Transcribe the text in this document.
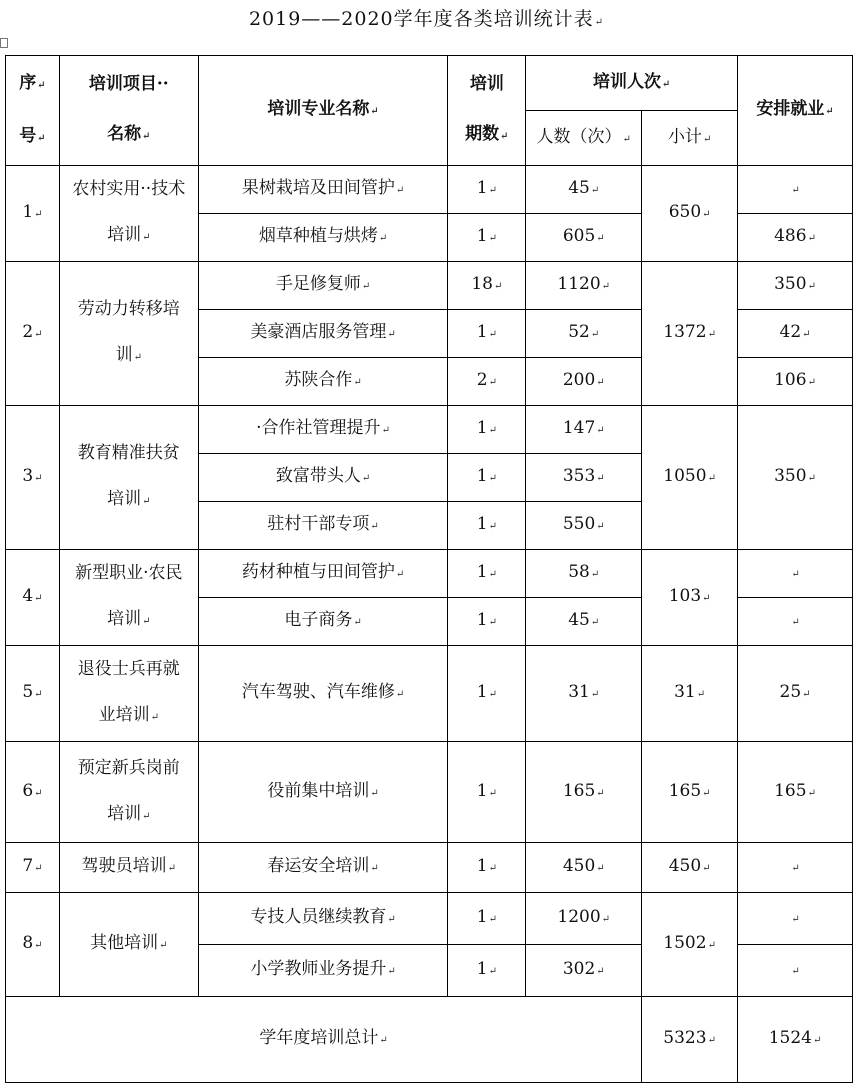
2019——2020学年度各类培训统计表 ↵
序 ↵
号 ↵	培训项目··
名称 ↵	培训专业名称 ↵	培训
期数 ↵	培训人次 ↵		安排就业 ↵
				人数（次） ↵	小计 ↵
1 ↵	农村实用··技术培训 ↵	果树栽培及田间管护 ↵	1 ↵	45 ↵	650 ↵	↵
		烟草种植与烘烤 ↵	1 ↵	605 ↵		486 ↵
2 ↵	劳动力转移培训 ↵	手足修复师 ↵	18 ↵	1120 ↵	1372 ↵	350 ↵
		美豪酒店服务管理 ↵	1 ↵	52 ↵		42 ↵
		苏陕合作 ↵	2 ↵	200 ↵		106 ↵
3 ↵	教育精准扶贫培训 ↵	·合作社管理提升 ↵	1 ↵	147 ↵	1050 ↵	350 ↵
		致富带头人 ↵	1 ↵	353 ↵
		驻村干部专项 ↵	1 ↵	550 ↵
4 ↵	新型职业·农民培训 ↵	药材种植与田间管护 ↵	1 ↵	58 ↵	103 ↵	↵
		电子商务 ↵	1 ↵	45 ↵	↵
5 ↵	退役士兵再就业培训 ↵	汽车驾驶、汽车维修 ↵	1 ↵	31 ↵	31 ↵	25 ↵
6 ↵	预定新兵岗前培训 ↵	役前集中培训 ↵	1 ↵	165 ↵	165 ↵	165 ↵
7 ↵	驾驶员培训 ↵	春运安全培训 ↵	1 ↵	450 ↵	450 ↵	↵
8 ↵	其他培训 ↵	专技人员继续教育 ↵	1 ↵	1200 ↵	1502 ↵	↵
		小学教师业务提升 ↵	1 ↵	302 ↵	↵
学年度培训总计 ↵					5323 ↵	1524 ↵
